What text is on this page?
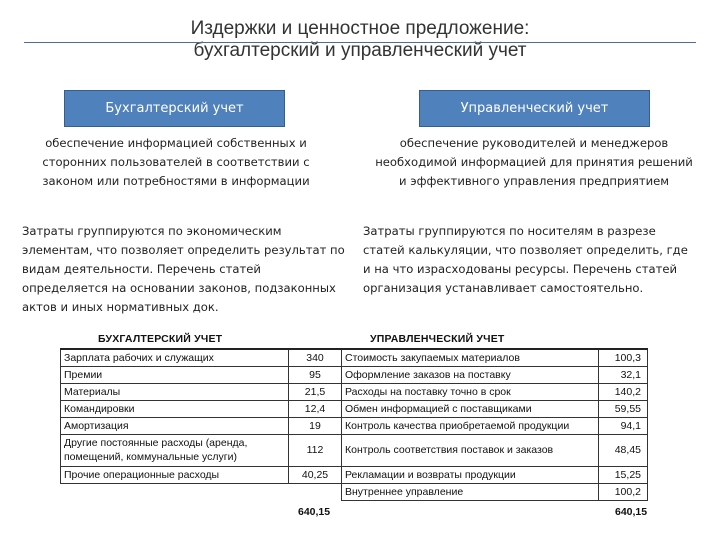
Издержки и ценностное предложение:
бухгалтерский и управленческий учет
Бухгалтерский учет	Управленческий учет
обеспечение информацией собственных и сторонних пользователей в соответствии с законом или потребностями в информации
обеспечение руководителей и менеджеров необходимой информацией для принятия решений и эффективного управления предприятием
Затраты группируются по экономическим элементам, что позволяет определить результат по видам деятельности. Перечень статей определяется на основании законов, подзаконных актов и иных нормативных док.
Затраты группируются по носителям в разрезе статей калькуляции, что позволяет определить, где и на что израсходованы ресурсы. Перечень статей организация устанавливает самостоятельно.
БУХГАЛТЕРСКИЙ УЧЕТ	УПРАВЛЕНЧЕСКИЙ УЧЕТ
Зарплата рабочих и служащих	340	Стоимость закупаемых материалов	100,3
Премии	95	Оформление заказов на поставку	32,1
Материалы	21,5	Расходы на поставку точно в срок	140,2
Командировки	12,4	Обмен информацией с поставщиками	59,55
Амортизация	19	Контроль качества приобретаемой продукции	94,1
Другие постоянные расходы (аренда, помещений, коммунальные услуги)	112	Контроль соответствия поставок и заказов	48,45
Прочие операционные расходы	40,25	Рекламации и возвраты продукции	15,25
		Внутреннее управление	100,2
640,15	640,15
